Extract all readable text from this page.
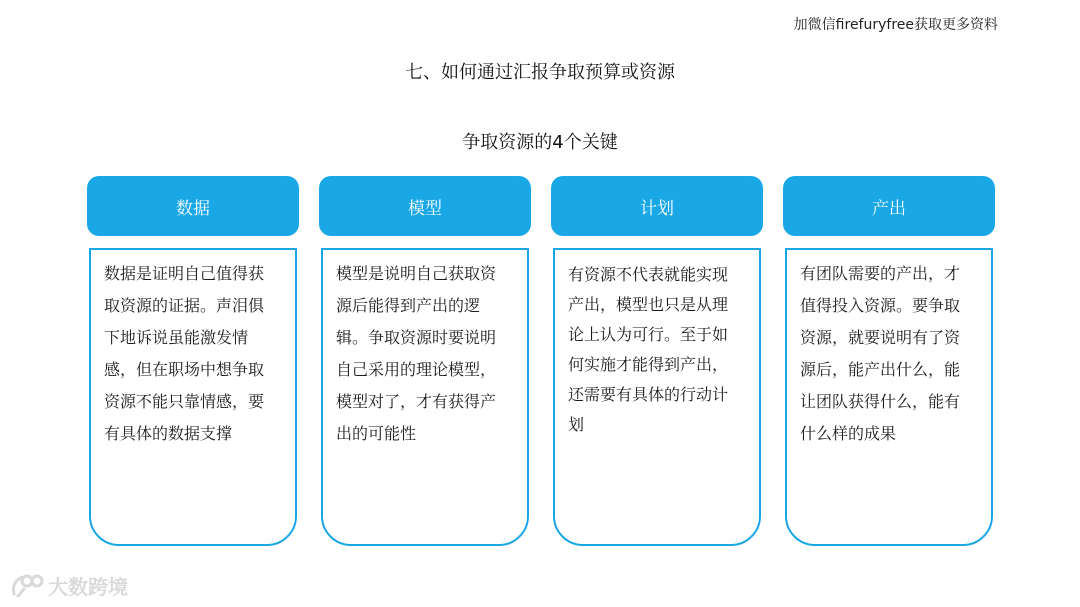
加微信firefuryfree获取更多资料
七、如何通过汇报争取预算或资源
争取资源的4个关键
数据
数据是证明自己值得获取资源的证据。声泪俱下地诉说虽能激发情感，但在职场中想争取资源不能只靠情感，要有具体的数据支撑
模型
模型是说明自己获取资源后能得到产出的逻辑。争取资源时要说明自己采用的理论模型，模型对了，才有获得产出的可能性
计划
有资源不代表就能实现产出，模型也只是从理论上认为可行。至于如何实施才能得到产出，还需要有具体的行动计划
产出
有团队需要的产出，才值得投入资源。要争取资源，就要说明有了资源后，能产出什么，能让团队获得什么，能有什么样的成果
大数跨境
